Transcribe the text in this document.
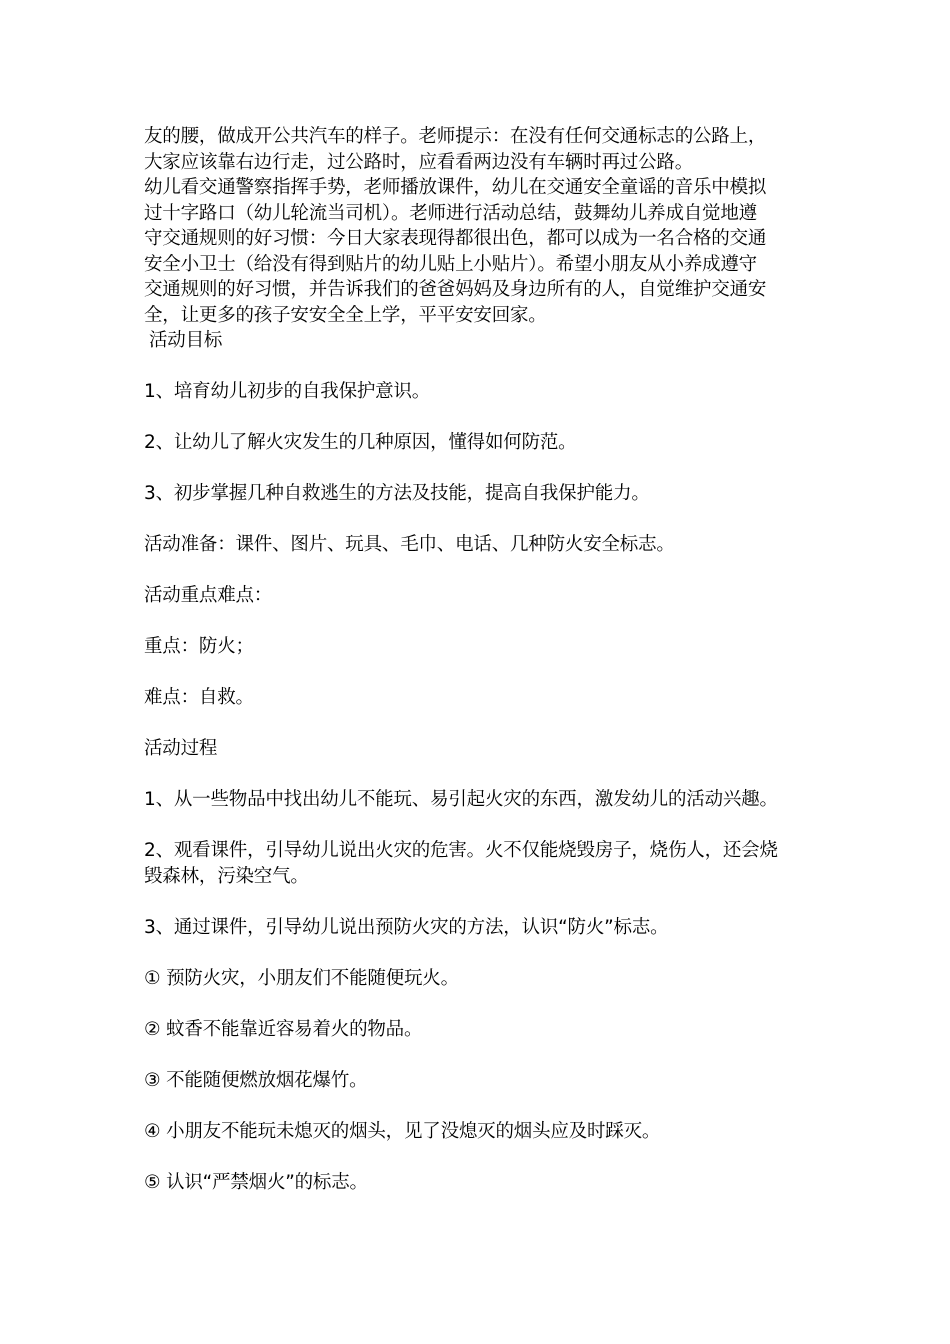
友的腰，做成开公共汽车的样子。老师提示：在没有任何交通标志的公路上，
大家应该靠右边行走，过公路时，应看看两边没有车辆时再过公路。
幼儿看交通警察指挥手势，老师播放课件，幼儿在交通安全童谣的音乐中模拟
过十字路口（幼儿轮流当司机）。老师进行活动总结，鼓舞幼儿养成自觉地遵
守交通规则的好习惯：今日大家表现得都很出色，都可以成为一名合格的交通
安全小卫士（给没有得到贴片的幼儿贴上小贴片）。希望小朋友从小养成遵守
交通规则的好习惯，并告诉我们的爸爸妈妈及身边所有的人，自觉维护交通安
全，让更多的孩子安安全全上学，平平安安回家。
活动目标
1、培育幼儿初步的自我保护意识。
2、让幼儿了解火灾发生的几种原因，懂得如何防范。
3、初步掌握几种自救逃生的方法及技能，提高自我保护能力。
活动准备：课件、图片、玩具、毛巾、电话、几种防火安全标志。
活动重点难点：
重点：防火；
难点：自救。
活动过程
1、从一些物品中找出幼儿不能玩、易引起火灾的东西，激发幼儿的活动兴趣。
2、观看课件，引导幼儿说出火灾的危害。火不仅能烧毁房子，烧伤人，还会烧
毁森林，污染空气。
3、通过课件，引导幼儿说出预防火灾的方法，认识“防火”标志。
① 预防火灾，小朋友们不能随便玩火。
② 蚊香不能靠近容易着火的物品。
③ 不能随便燃放烟花爆竹。
④ 小朋友不能玩未熄灭的烟头，见了没熄灭的烟头应及时踩灭。
⑤ 认识“严禁烟火”的标志。
